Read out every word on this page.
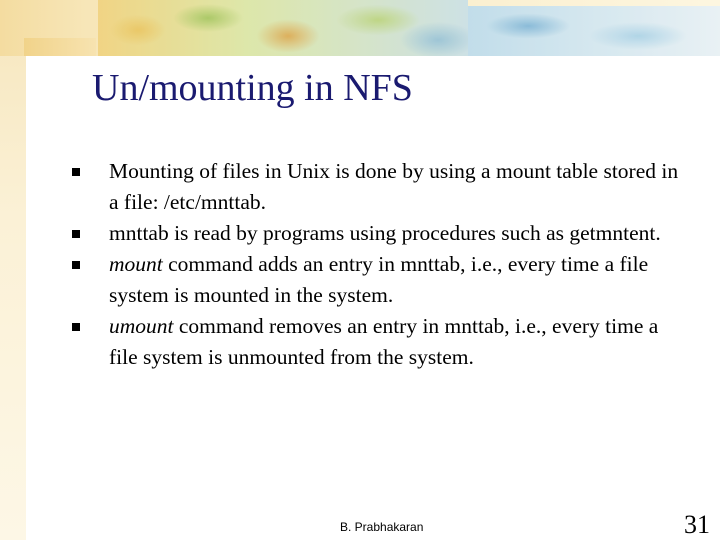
Un/mounting in NFS
Mounting of files in Unix is done by using a mount table stored in a file: /etc/mnttab.
mnttab is read by programs using procedures such as getmntent.
mount command adds an entry in mnttab, i.e., every time a file system is mounted in the system.
umount command removes an entry in mnttab, i.e., every time a file system is unmounted from the system.
B. Prabhakaran	31
